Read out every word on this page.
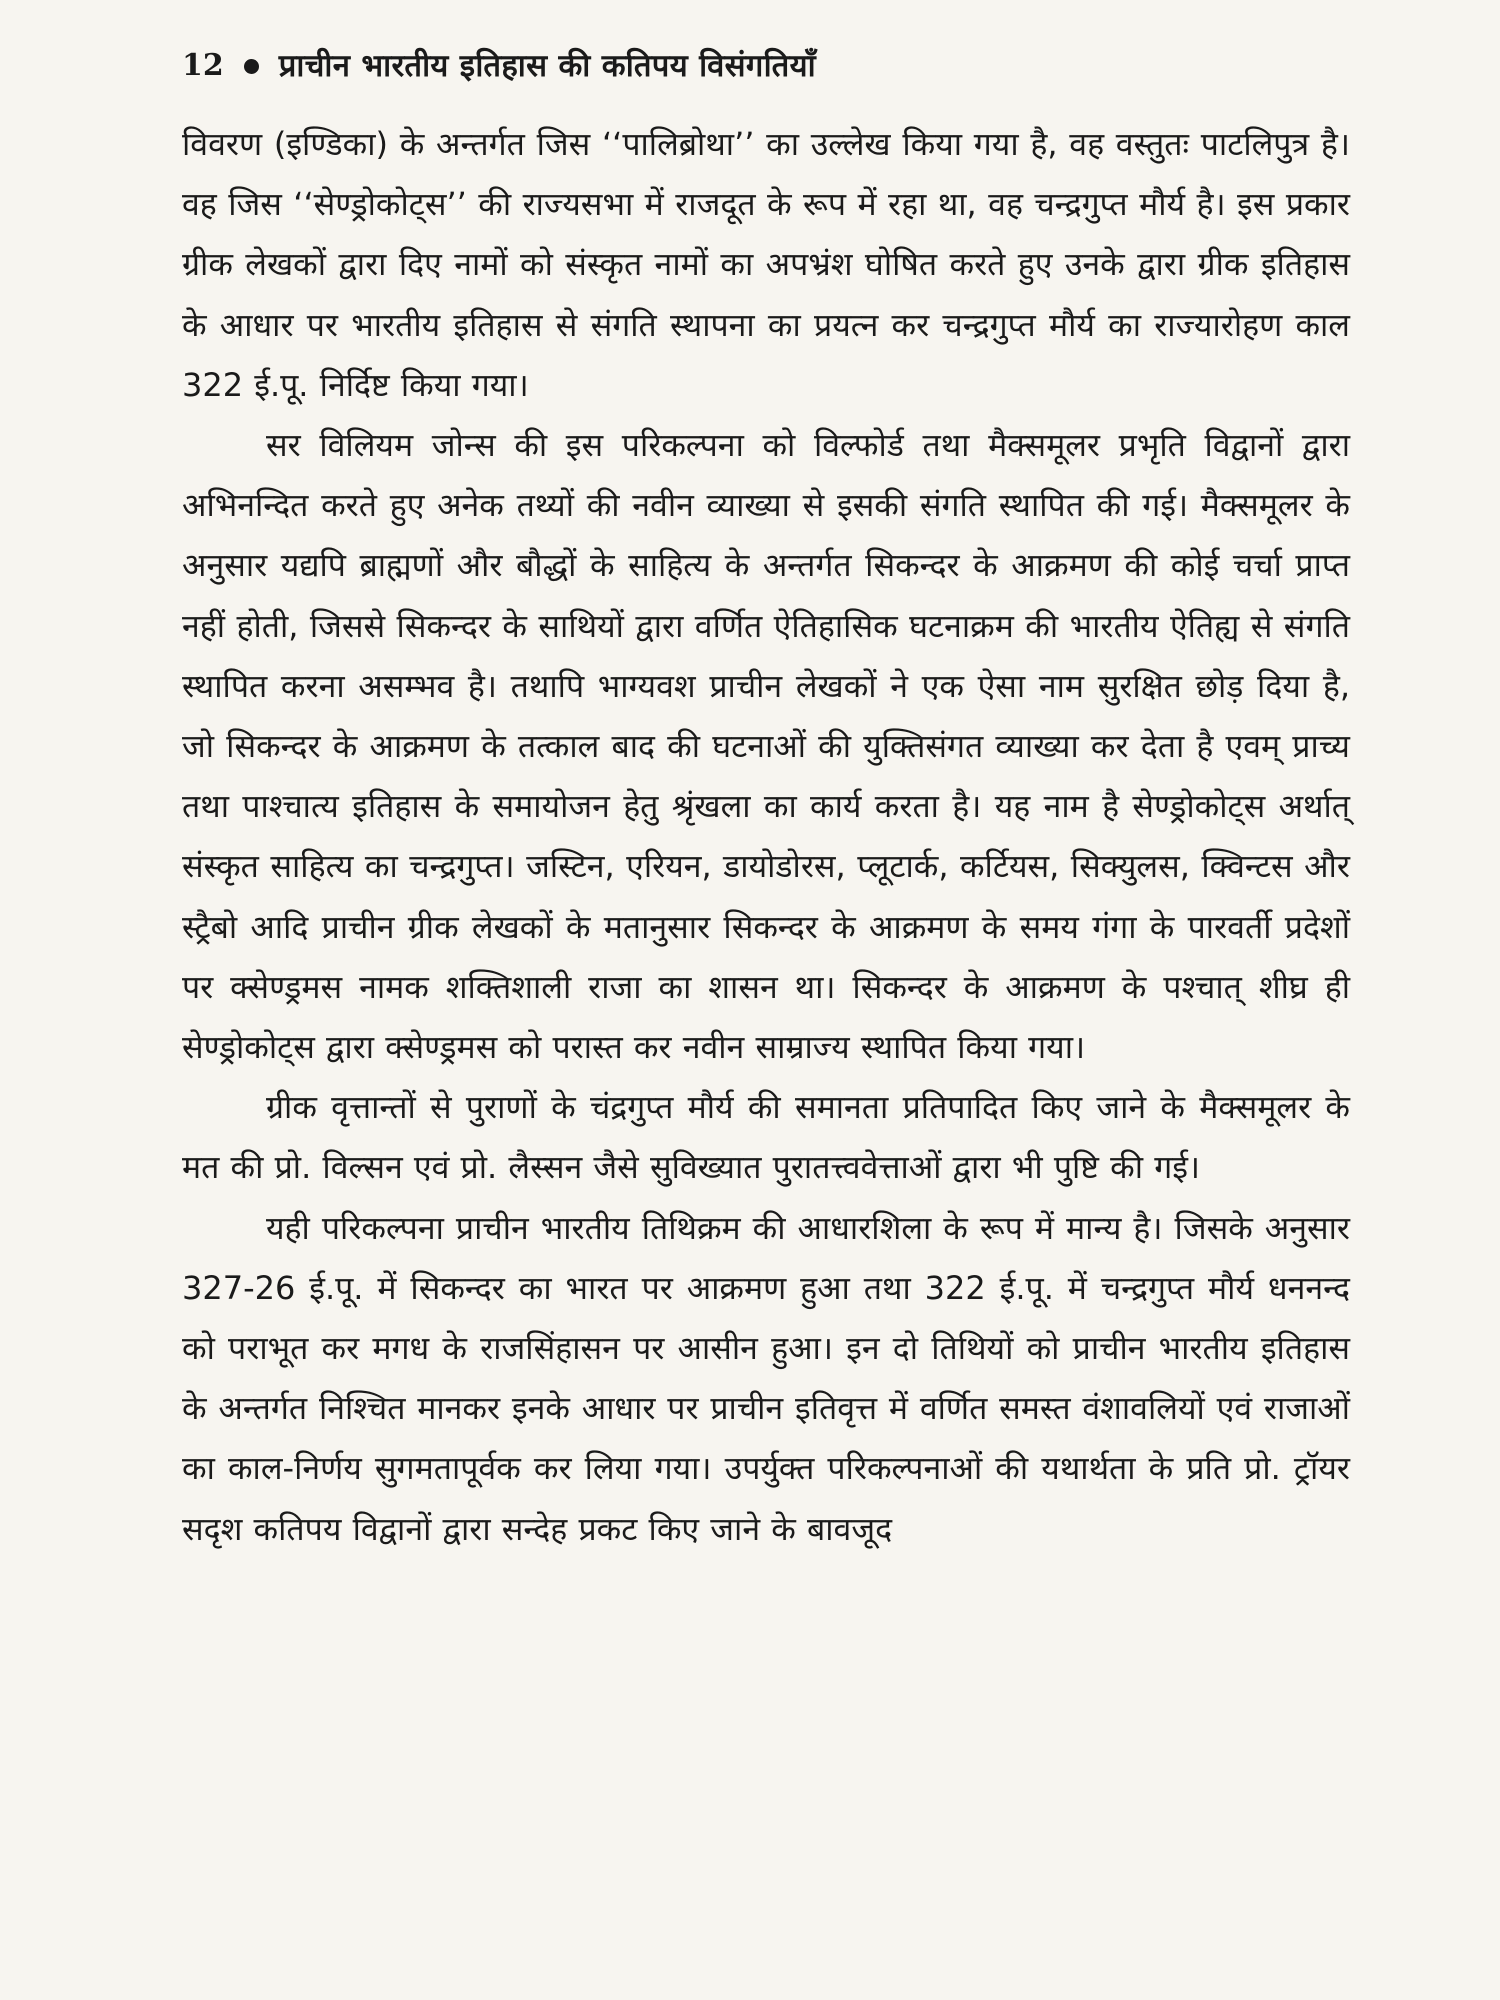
12 प्राचीन भारतीय इतिहास की कतिपय विसंगतियाँ

विवरण (इण्डिका) के अन्तर्गत जिस ‘‘पालिब्रोथा’’ का उल्लेख किया गया है, वह वस्तुतः पाटलिपुत्र है। वह जिस ‘‘सेण्ड्रोकोट्स’’ की राज्यसभा में राजदूत के रूप में रहा था, वह चन्द्रगुप्त मौर्य है। इस प्रकार ग्रीक लेखकों द्वारा दिए नामों को संस्कृत नामों का अपभ्रंश घोषित करते हुए उनके द्वारा ग्रीक इतिहास के आधार पर भारतीय इतिहास से संगति स्थापना का प्रयत्न कर चन्द्रगुप्त मौर्य का राज्यारोहण काल 322 ई.पू. निर्दिष्ट किया गया।

सर विलियम जोन्स की इस परिकल्पना को विल्फोर्ड तथा मैक्समूलर प्रभृति विद्वानों द्वारा अभिनन्दित करते हुए अनेक तथ्यों की नवीन व्याख्या से इसकी संगति स्थापित की गई। मैक्समूलर के अनुसार यद्यपि ब्राह्मणों और बौद्धों के साहित्य के अन्तर्गत सिकन्दर के आक्रमण की कोई चर्चा प्राप्त नहीं होती, जिससे सिकन्दर के साथियों द्वारा वर्णित ऐतिहासिक घटनाक्रम की भारतीय ऐतिह्य से संगति स्थापित करना असम्भव है। तथापि भाग्यवश प्राचीन लेखकों ने एक ऐसा नाम सुरक्षित छोड़ दिया है, जो सिकन्दर के आक्रमण के तत्काल बाद की घटनाओं की युक्तिसंगत व्याख्या कर देता है एवम् प्राच्य तथा पाश्चात्य इतिहास के समायोजन हेतु श्रृंखला का कार्य करता है। यह नाम है सेण्ड्रोकोट्स अर्थात् संस्कृत साहित्य का चन्द्रगुप्त। जस्टिन, एरियन, डायोडोरस, प्लूटार्क, कर्टियस, सिक्युलस, क्विन्टस और स्ट्रैबो आदि प्राचीन ग्रीक लेखकों के मतानुसार सिकन्दर के आक्रमण के समय गंगा के पारवर्ती प्रदेशों पर क्सेण्ड्रमस नामक शक्तिशाली राजा का शासन था। सिकन्दर के आक्रमण के पश्चात् शीघ्र ही सेण्ड्रोकोट्स द्वारा क्सेण्ड्रमस को परास्त कर नवीन साम्राज्य स्थापित किया गया।

ग्रीक वृत्तान्तों से पुराणों के चंद्रगुप्त मौर्य की समानता प्रतिपादित किए जाने के मैक्समूलर के मत की प्रो. विल्सन एवं प्रो. लैस्सन जैसे सुविख्यात पुरातत्त्ववेत्ताओं द्वारा भी पुष्टि की गई।

यही परिकल्पना प्राचीन भारतीय तिथिक्रम की आधारशिला के रूप में मान्य है। जिसके अनुसार 327-26 ई.पू. में सिकन्दर का भारत पर आक्रमण हुआ तथा 322 ई.पू. में चन्द्रगुप्त मौर्य धननन्द को पराभूत कर मगध के राजसिंहासन पर आसीन हुआ। इन दो तिथियों को प्राचीन भारतीय इतिहास के अन्तर्गत निश्चित मानकर इनके आधार पर प्राचीन इतिवृत्त में वर्णित समस्त वंशावलियों एवं राजाओं का काल-निर्णय सुगमतापूर्वक कर लिया गया। उपर्युक्त परिकल्पनाओं की यथार्थता के प्रति प्रो. ट्रॉयर सदृश कतिपय विद्वानों द्वारा सन्देह प्रकट किए जाने के बावजूद
